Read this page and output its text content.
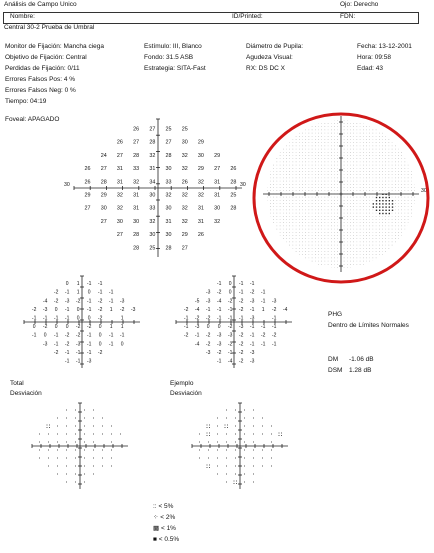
Análisis de Campo Unico	Ojo: Derecho
Nombre:	ID/Printed:	FDN:
Central 30-2 Prueba de Umbral
Monitor de Fijación: Mancha ciega
Objetivo de Fijación: Central
Perdidas de Fijación: 0/11
Errores Falsos Pos: 4 %
Errores Falsos Neg: 0 %
Tiempo: 04:19
Estímulo: III, Blanco
Fondo: 31.5 ASB
Estrategia: SITA-Fast
Diámetro de Pupila:
Agudeza Visual:
RX: DS DC X
Fecha: 13-12-2001
Hora: 09:58
Edad: 43
Foveal: APAGADO
26 27 25 25
26 27 28 27 30 29
24 27 28 32 28 32 30 29
26 27 31 33 31 30 32 29 27 26
26 28 31 32 34 33 26 32 31 28
29 29 32 31 30 32 32 32 31 25
27 30 32 31 33 30 32 31 30 28
27 30 30 32 31 32 31 32
27 28 30 30 29 26
28 25 28 27
30	30
30
0 1 -1 -1
-2 -1 1 0 -1 -1
-4 -2 -3 -2 -1 -2 -1 -3
-2 -3 0 -1 0 -1 -2 1 -2 -3
-1 -1 -1 -1 0 0 -2	1
0 -2 0 0 -2 -2 0 1 1
-1 0 -1 -2 -2 -1 0 -1 -1
-3 -1 -2 -3 -1 0 -1 0
-2 -1 -1 -1 -2
-1 -1 -3
-1 0 -1 -1
-3 -2 0 -1 -2 -1
-5 -3 -4 -2 -2 -3 -1 -3
-2 -4 -1 -1 -1 -2 -1 1 -2 -4
-1 -2 -2 -1 -1 -1 -3	-1
-1 -3 0 0 -2 -3 -1 -1 -1
-2 -1 -2 -3 -3 -2 -1 -2 -2
-4 -2 -3 -2 -2 -1 -1 -1
-3 -2 -1 -2 -3
-1 -4 -2 -3
PHG
Dentro de Límites Normales
DM -1.06 dB
DSM 1.28 dB
Total
Desviación
Ejemplo
Desviación
:: < 5%
⁘ < 2%
▩ < 1%
■ < 0.5%
